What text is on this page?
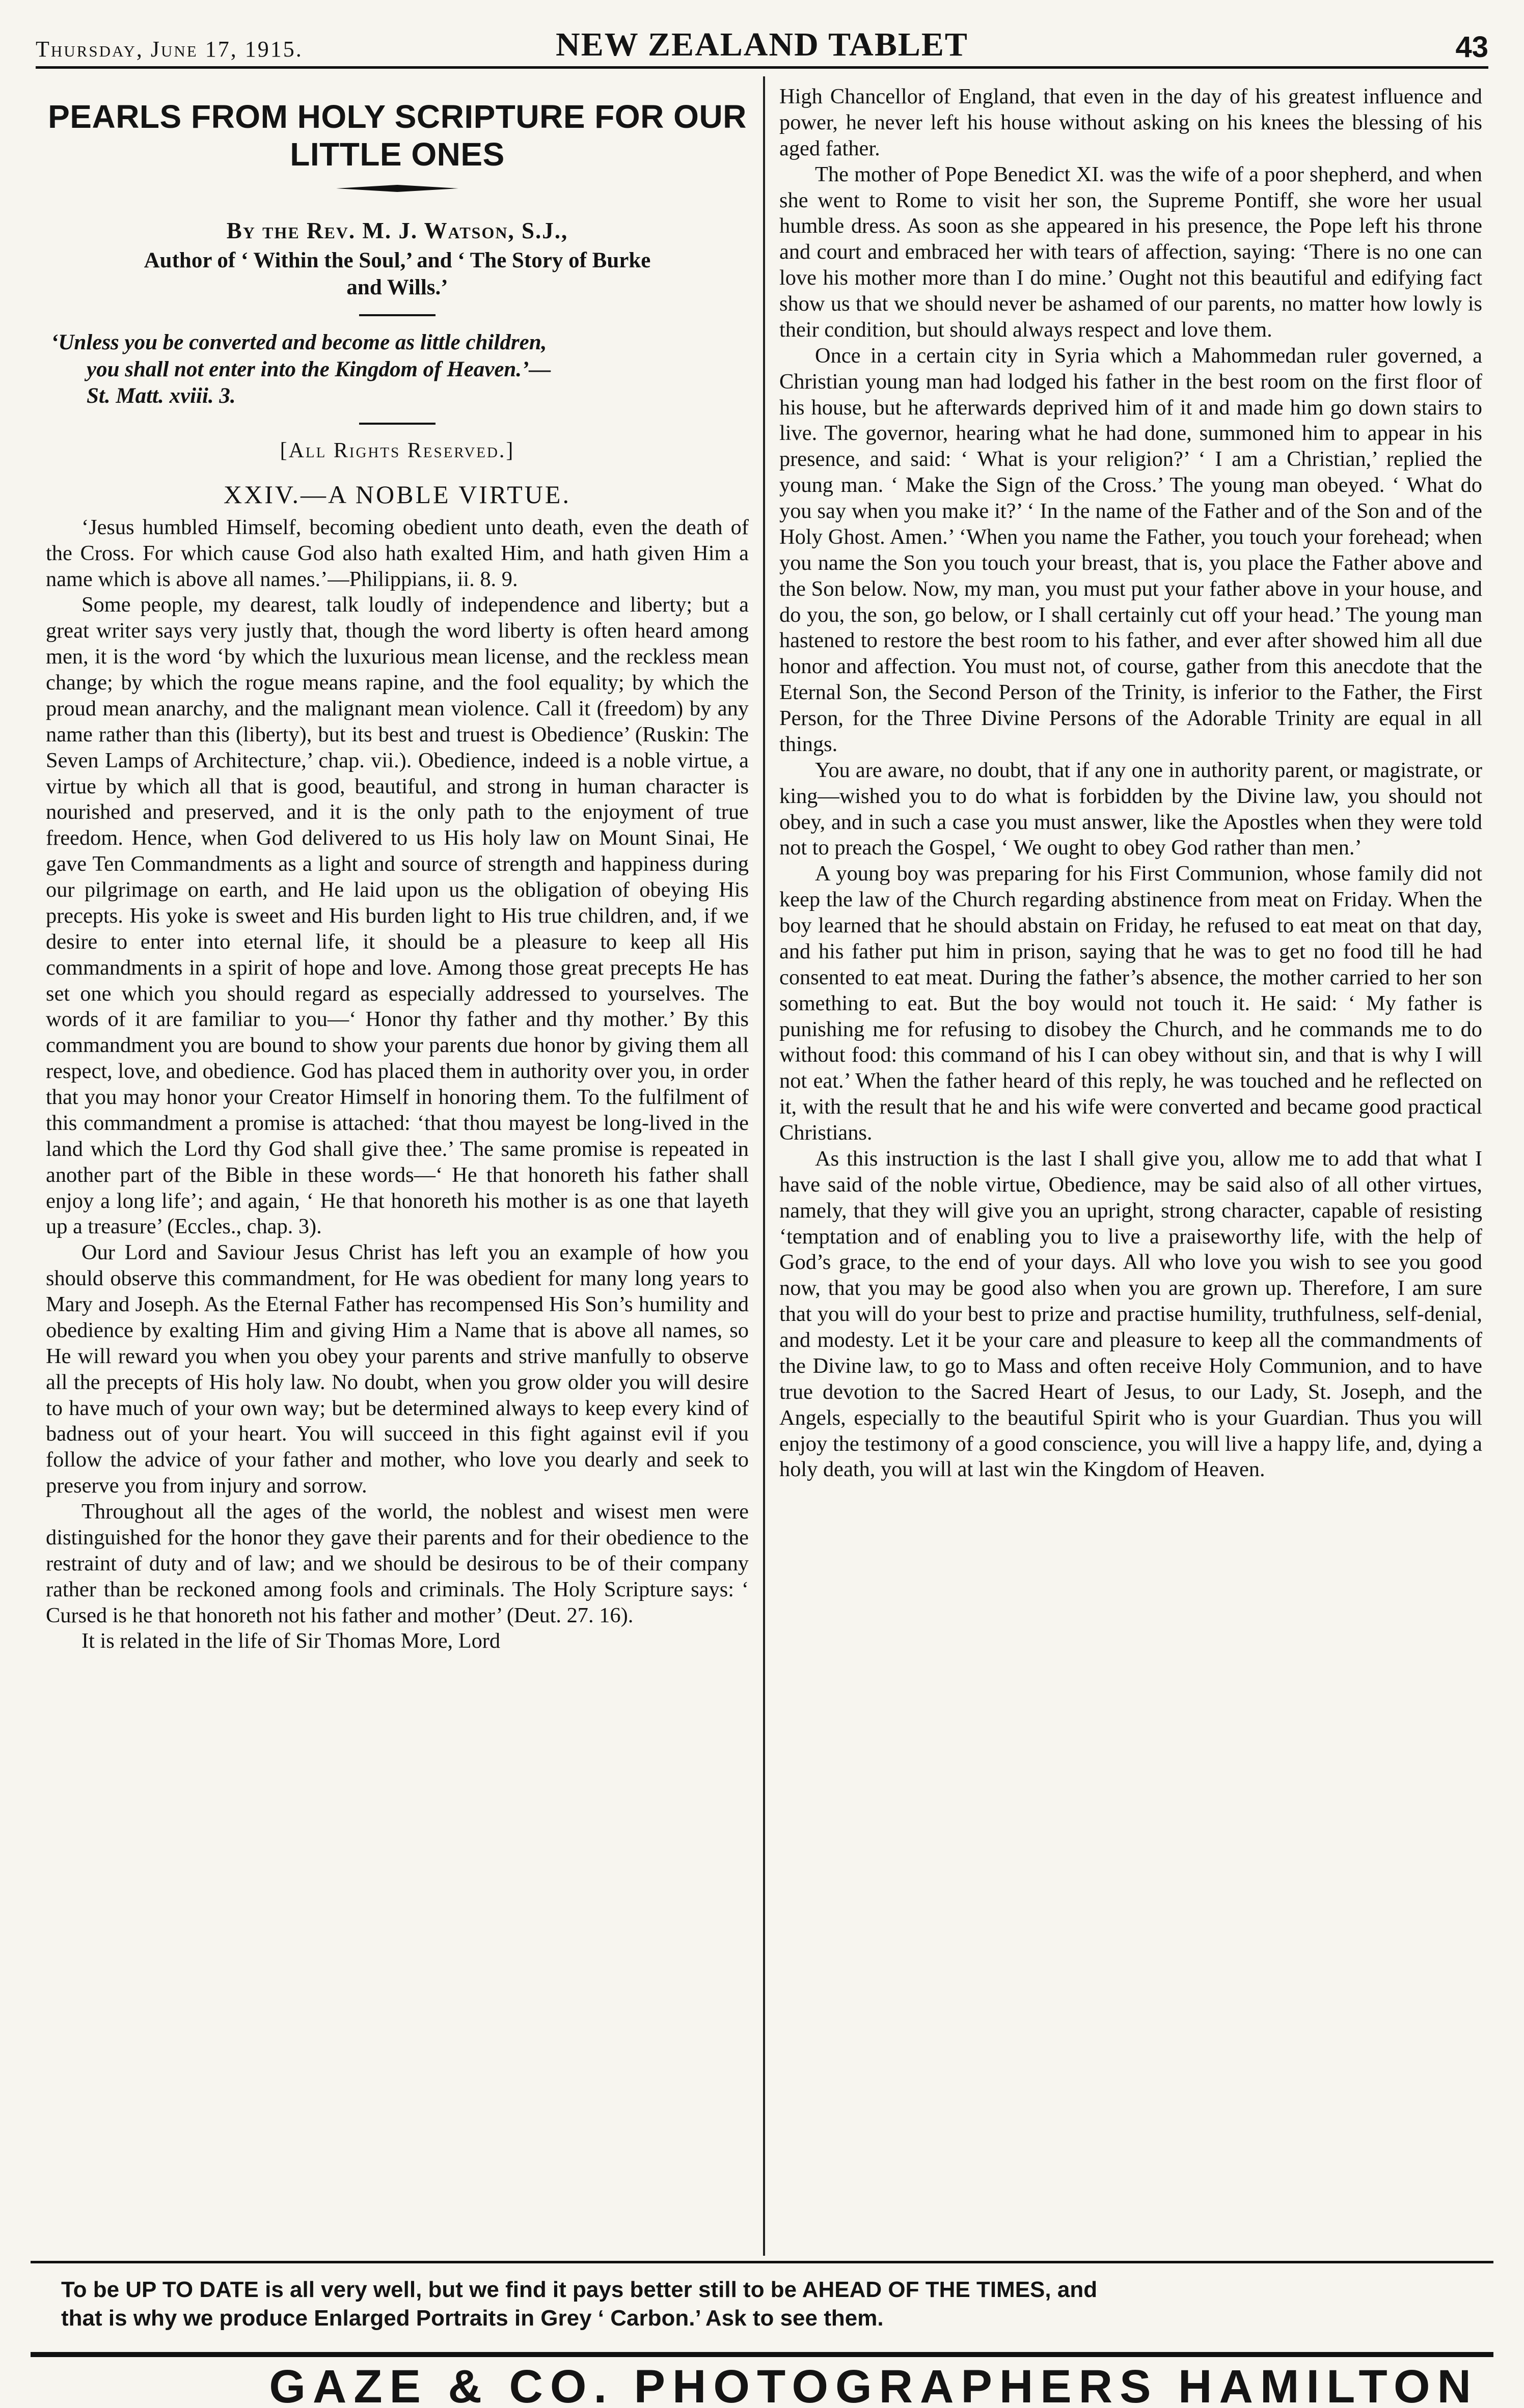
Thursday, June 17, 1915.	NEW ZEALAND TABLET	43
PEARLS FROM HOLY SCRIPTURE FOR OUR
LITTLE ONES
By the Rev. M. J. Watson, S.J.,
Author of ‘ Within the Soul,’ and ‘ The Story of Burke
and Wills.’
‘Unless you be converted and become as little children,
you shall not enter into the Kingdom of Heaven.’—
St. Matt. xviii. 3.
[All Rights Reserved.]
XXIV.—A NOBLE VIRTUE.

‘Jesus humbled Himself, becoming obedient unto death, even the death of the Cross. For which cause God also hath exalted Him, and hath given Him a name which is above all names.’—Philippians, ii. 8. 9.

Some people, my dearest, talk loudly of independence and liberty; but a great writer says very justly that, though the word liberty is often heard among men, it is the word ‘by which the luxurious mean license, and the reckless mean change; by which the rogue means rapine, and the fool equality; by which the proud mean anarchy, and the malignant mean violence. Call it (freedom) by any name rather than this (liberty), but its best and truest is Obedience’ (Ruskin: The Seven Lamps of Architecture,’ chap. vii.). Obedience, indeed is a noble virtue, a virtue by which all that is good, beautiful, and strong in human character is nourished and preserved, and it is the only path to the enjoyment of true freedom. Hence, when God delivered to us His holy law on Mount Sinai, He gave Ten Commandments as a light and source of strength and happiness during our pilgrimage on earth, and He laid upon us the obligation of obeying His precepts. His yoke is sweet and His burden light to His true children, and, if we desire to enter into eternal life, it should be a pleasure to keep all His commandments in a spirit of hope and love. Among those great precepts He has set one which you should regard as especially addressed to yourselves. The words of it are familiar to you—‘ Honor thy father and thy mother.’ By this commandment you are bound to show your parents due honor by giving them all respect, love, and obedience. God has placed them in authority over you, in order that you may honor your Creator Himself in honoring them. To the fulfilment of this commandment a promise is attached: ‘that thou mayest be long-lived in the land which the Lord thy God shall give thee.’ The same promise is repeated in another part of the Bible in these words—‘ He that honoreth his father shall enjoy a long life’; and again, ‘ He that honoreth his mother is as one that layeth up a treasure’ (Eccles., chap. 3).

Our Lord and Saviour Jesus Christ has left you an example of how you should observe this commandment, for He was obedient for many long years to Mary and Joseph. As the Eternal Father has recompensed His Son’s humility and obedience by exalting Him and giving Him a Name that is above all names, so He will reward you when you obey your parents and strive manfully to observe all the precepts of His holy law. No doubt, when you grow older you will desire to have much of your own way; but be determined always to keep every kind of badness out of your heart. You will succeed in this fight against evil if you follow the advice of your father and mother, who love you dearly and seek to preserve you from injury and sorrow.

Throughout all the ages of the world, the noblest and wisest men were distinguished for the honor they gave their parents and for their obedience to the restraint of duty and of law; and we should be desirous to be of their company rather than be reckoned among fools and criminals. The Holy Scripture says: ‘ Cursed is he that honoreth not his father and mother’ (Deut. 27. 16).

It is related in the life of Sir Thomas More, Lord

High Chancellor of England, that even in the day of his greatest influence and power, he never left his house without asking on his knees the blessing of his aged father.

The mother of Pope Benedict XI. was the wife of a poor shepherd, and when she went to Rome to visit her son, the Supreme Pontiff, she wore her usual humble dress. As soon as she appeared in his presence, the Pope left his throne and court and embraced her with tears of affection, saying: ‘There is no one can love his mother more than I do mine.’ Ought not this beautiful and edifying fact show us that we should never be ashamed of our parents, no matter how lowly is their condition, but should always respect and love them.

Once in a certain city in Syria which a Mahommedan ruler governed, a Christian young man had lodged his father in the best room on the first floor of his house, but he afterwards deprived him of it and made him go down stairs to live. The governor, hearing what he had done, summoned him to appear in his presence, and said: ‘ What is your religion?’ ‘ I am a Christian,’ replied the young man. ‘ Make the Sign of the Cross.’ The young man obeyed. ‘ What do you say when you make it?’ ‘ In the name of the Father and of the Son and of the Holy Ghost. Amen.’ ‘When you name the Father, you touch your forehead; when you name the Son you touch your breast, that is, you place the Father above and the Son below. Now, my man, you must put your father above in your house, and do you, the son, go below, or I shall certainly cut off your head.’ The young man hastened to restore the best room to his father, and ever after showed him all due honor and affection. You must not, of course, gather from this anecdote that the Eternal Son, the Second Person of the Trinity, is inferior to the Father, the First Person, for the Three Divine Persons of the Adorable Trinity are equal in all things.

You are aware, no doubt, that if any one in authority parent, or magistrate, or king—wished you to do what is forbidden by the Divine law, you should not obey, and in such a case you must answer, like the Apostles when they were told not to preach the Gospel, ‘ We ought to obey God rather than men.’

A young boy was preparing for his First Communion, whose family did not keep the law of the Church regarding abstinence from meat on Friday. When the boy learned that he should abstain on Friday, he refused to eat meat on that day, and his father put him in prison, saying that he was to get no food till he had consented to eat meat. During the father’s absence, the mother carried to her son something to eat. But the boy would not touch it. He said: ‘ My father is punishing me for refusing to disobey the Church, and he commands me to do without food: this command of his I can obey without sin, and that is why I will not eat.’ When the father heard of this reply, he was touched and he reflected on it, with the result that he and his wife were converted and became good practical Christians.

As this instruction is the last I shall give you, allow me to add that what I have said of the noble virtue, Obedience, may be said also of all other virtues, namely, that they will give you an upright, strong character, capable of resisting ‘temptation and of enabling you to live a praiseworthy life, with the help of God’s grace, to the end of your days. All who love you wish to see you good now, that you may be good also when you are grown up. Therefore, I am sure that you will do your best to prize and practise humility, truthfulness, self-denial, and modesty. Let it be your care and pleasure to keep all the commandments of the Divine law, to go to Mass and often receive Holy Communion, and to have true devotion to the Sacred Heart of Jesus, to our Lady, St. Joseph, and the Angels, especially to the beautiful Spirit who is your Guardian. Thus you will enjoy the testimony of a good conscience, you will live a happy life, and, dying a holy death, you will at last win the Kingdom of Heaven.

To be UP TO DATE is all very well, but we find it pays better still to be AHEAD OF THE TIMES, and
that is why we produce Enlarged Portraits in Grey ‘ Carbon.’ Ask to see them.
GAZE & CO. PHOTOGRAPHERS HAMILTON
